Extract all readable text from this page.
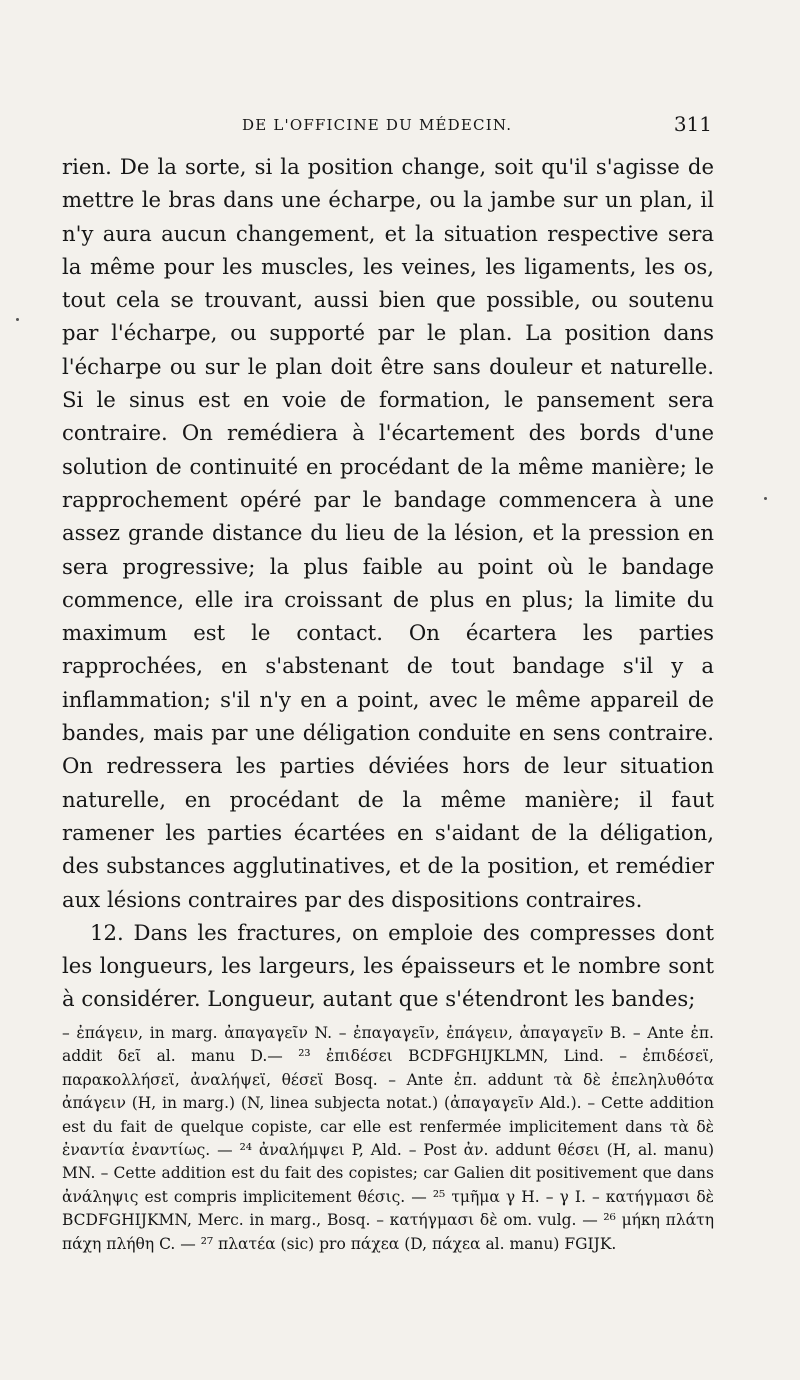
DE L'OFFICINE DU MÉDECIN.	311

rien. De la sorte, si la position change, soit qu'il s'agisse de mettre le bras dans une écharpe, ou la jambe sur un plan, il n'y aura aucun changement, et la situation respective sera la même pour les muscles, les veines, les ligaments, les os, tout cela se trouvant, aussi bien que possible, ou soutenu par l'écharpe, ou supporté par le plan. La position dans l'écharpe ou sur le plan doit être sans douleur et naturelle. Si le sinus est en voie de formation, le pansement sera contraire. On remédiera à l'écartement des bords d'une solution de continuité en procédant de la même manière; le rapprochement opéré par le bandage commencera à une assez grande distance du lieu de la lésion, et la pression en sera progressive; la plus faible au point où le bandage commence, elle ira croissant de plus en plus; la limite du maximum est le contact. On écartera les parties rapprochées, en s'abstenant de tout bandage s'il y a inflammation; s'il n'y en a point, avec le même appareil de bandes, mais par une déligation conduite en sens contraire. On redressera les parties déviées hors de leur situation naturelle, en procédant de la même manière; il faut ramener les parties écartées en s'aidant de la déligation, des substances agglutinatives, et de la position, et remédier aux lésions contraires par des dispositions contraires.

12. Dans les fractures, on emploie des compresses dont les longueurs, les largeurs, les épaisseurs et le nombre sont à considérer. Longueur, autant que s'étendront les bandes;

– ἐπάγειν, in marg. ἀπαγαγεῖν N. – ἐπαγαγεῖν, ἐπάγειν, ἀπαγαγεῖν B. – Ante ἐπ. addit δεῖ al. manu D.— ²³ ἐπιδέσει BCDFGHIJKLMN, Lind. – ἐπιδέσεϊ, παρακολλήσεϊ, ἀναλήψεϊ, θέσεϊ Bosq. – Ante ἐπ. addunt τὰ δὲ ἐπεληλυθότα ἀπάγειν (H, in marg.) (N, linea subjecta notat.) (ἀπαγαγεῖν Ald.). – Cette addition est du fait de quelque copiste, car elle est renfermée implicitement dans τὰ δὲ ἐναντία ἐναντίως. — ²⁴ ἀναλήμψει P, Ald. – Post ἀν. addunt θέσει (H, al. manu) MN. – Cette addition est du fait des copistes; car Galien dit positivement que dans ἀνάληψις est compris implicitement θέσις. — ²⁵ τμῆμα γ H. – γ I. – κατήγμασι δὲ BCDFGHIJKMN, Merc. in marg., Bosq. – κατήγμασι δὲ om. vulg. — ²⁶ μήκη πλάτη πάχη πλήθη C. — ²⁷ πλατέα (sic) pro πάχεα (D, πάχεα al. manu) FGIJK.
